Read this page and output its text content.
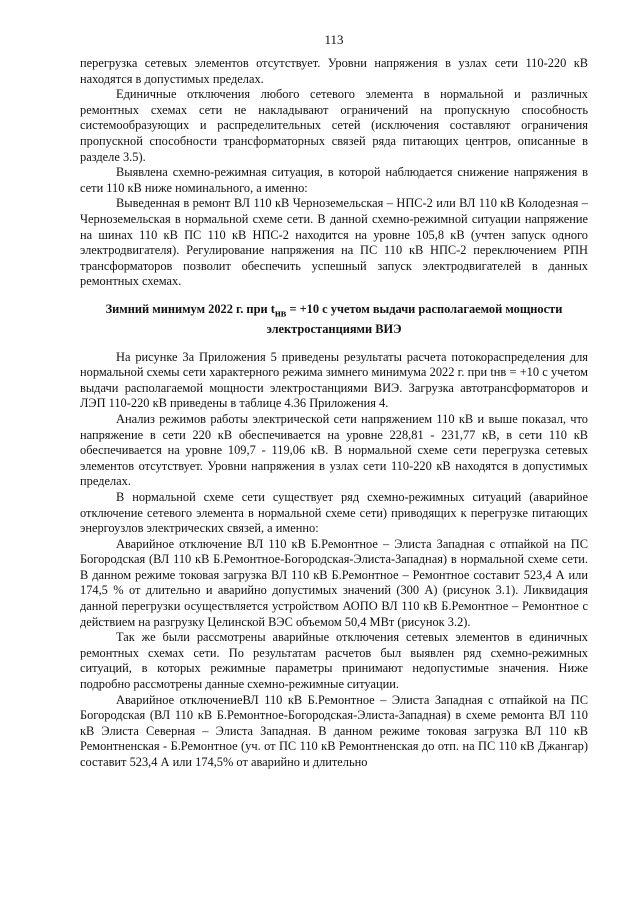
113

перегрузка сетевых элементов отсутствует. Уровни напряжения в узлах сети 110-220 кВ находятся в допустимых пределах.

Единичные отключения любого сетевого элемента в нормальной и различных ремонтных схемах сети не накладывают ограничений на пропускную способность системообразующих и распределительных сетей (исключения составляют ограничения пропускной способности трансформаторных связей ряда питающих центров, описанные в разделе 3.5).

Выявлена схемно-режимная ситуация, в которой наблюдается снижение напряжения в сети 110 кВ ниже номинального, а именно:

Выведенная в ремонт ВЛ 110 кВ Черноземельская – НПС-2 или ВЛ 110 кВ Колодезная – Черноземельская в нормальной схеме сети. В данной схемно-режимной ситуации напряжение на шинах 110 кВ ПС 110 кВ НПС-2 находится на уровне 105,8 кВ (учтен запуск одного электродвигателя). Регулирование напряжения на ПС 110 кВ НПС-2 переключением РПН трансформаторов позволит обеспечить успешный запуск электродвигателей в данных ремонтных схемах.

Зимний минимум 2022 г. при $t_{нв} = +10$ с учетом выдачи располагаемой мощности электростанциями ВИЭ

На рисунке 3а Приложения 5 приведены результаты расчета потокораспределения для нормальной схемы сети характерного режима зимнего минимума 2022 г. при tнв = +10 с учетом выдачи располагаемой мощности электростанциями ВИЭ. Загрузка автотрансформаторов и ЛЭП 110-220 кВ приведены в таблице 4.36 Приложения 4.

Анализ режимов работы электрической сети напряжением 110 кВ и выше показал, что напряжение в сети 220 кВ обеспечивается на уровне 228,81 - 231,77 кВ, в сети 110 кВ обеспечивается на уровне 109,7 - 119,06 кВ. В нормальной схеме сети перегрузка сетевых элементов отсутствует. Уровни напряжения в узлах сети 110-220 кВ находятся в допустимых пределах.

В нормальной схеме сети существует ряд схемно-режимных ситуаций (аварийное отключение сетевого элемента в нормальной схеме сети) приводящих к перегрузке питающих энергоузлов электрических связей, а именно:

Аварийное отключение ВЛ 110 кВ Б.Ремонтное – Элиста Западная с отпайкой на ПС Богородская (ВЛ 110 кВ Б.Ремонтное-Богородская-Элиста-Западная) в нормальной схеме сети. В данном режиме токовая загрузка ВЛ 110 кВ Б.Ремонтное – Ремонтное составит 523,4 А или 174,5 % от длительно и аварийно допустимых значений (300 А) (рисунок 3.1). Ликвидация данной перегрузки осуществляется устройством АОПО ВЛ 110 кВ Б.Ремонтное – Ремонтное с действием на разгрузку Целинской ВЭС объемом 50,4 МВт (рисунок 3.2).

Так же были рассмотрены аварийные отключения сетевых элементов в единичных ремонтных схемах сети. По результатам расчетов был выявлен ряд схемно-режимных ситуаций, в которых режимные параметры принимают недопустимые значения. Ниже подробно рассмотрены данные схемно-режимные ситуации.

Аварийное отключениеВЛ 110 кВ Б.Ремонтное – Элиста Западная с отпайкой на ПС Богородская (ВЛ 110 кВ Б.Ремонтное-Богородская-Элиста-Западная) в схеме ремонта ВЛ 110 кВ Элиста Северная – Элиста Западная. В данном режиме токовая загрузка ВЛ 110 кВ Ремонтненская - Б.Ремонтное (уч. от ПС 110 кВ Ремонтненская до отп. на ПС 110 кВ Джангар) составит 523,4 А или 174,5% от аварийно и длительно
